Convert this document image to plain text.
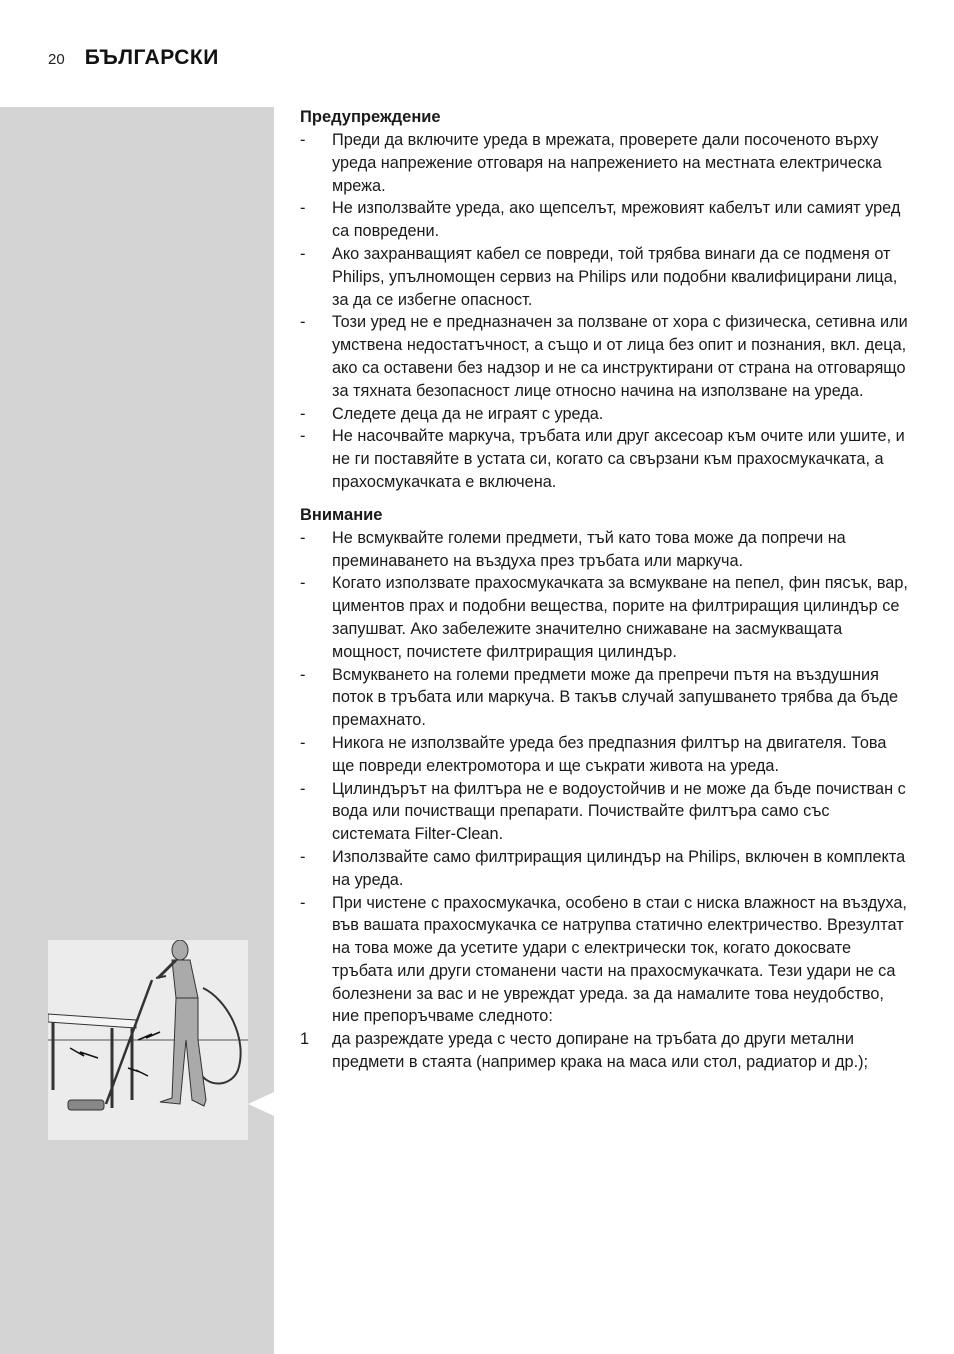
20 БЪЛГАРСКИ
Предупреждение
- Преди да включите уреда в мрежата, проверете дали посоченото върху уреда напрежение отговаря на напрежението на местната електрическа мрежа.
- Не използвайте уреда, ако щепселът, мрежовият кабелът или самият уред са повредени.
- Ако захранващият кабел се повреди, той трябва винаги да се подменя от Philips, упълномощен сервиз на Philips или подобни квалифицирани лица, за да се избегне опасност.
- Този уред не е предназначен за ползване от хора с физическа, сетивна или умствена недостатъчност, а също и от лица без опит и познания, вкл. деца, ако са оставени без надзор и не са инструктирани от страна на отговарящо за тяхната безопасност лице относно начина на използване на уреда.
- Следете деца да не играят с уреда.
- Не насочвайте маркуча, тръбата или друг аксесоар към очите или ушите, и не ги поставяйте в устата си, когато са свързани към прахосмукачката, а прахосмукачката е включена.
Внимание
- Не всмуквайте големи предмети, тъй като това може да попречи на преминаването на въздуха през тръбата или маркуча.
- Когато използвате прахосмукачката за всмукване на пепел, фин пясък, вар, циментов прах и подобни вещества, порите на филтриращия цилиндър се запушват. Ако забележите значително снижаване на засмукващата мощност, почистете филтриращия цилиндър.
- Всмукването на големи предмети може да препречи пътя на въздушния поток в тръбата или маркуча. В такъв случай запушването трябва да бъде премахнато.
- Никога не използвайте уреда без предпазния филтър на двигателя. Това ще повреди електромотора и ще съкрати живота на уреда.
- Цилиндърът на филтъра не е водоустойчив и не може да бъде почистван с вода или почистващи препарати. Почиствайте филтъра само със системата Filter-Clean.
- Използвайте само филтриращия цилиндър на Philips, включен в комплекта на уреда.
- При чистене с прахосмукачка, особено в стаи с ниска влажност на въздуха, във вашата прахосмукачка се натрупва статично електричество. Bрезултат на това може да усетите удари с електрически ток, когато докосвате тръбата или други стоманени части на прахосмукачката. Тези удари не са болезнени за вас и не увреждат уреда. за да намалите това неудобство, ние препоръчваме следното:
1 да разреждате уреда с често допиране на тръбата до други метални предмети в стаята (например крака на маса или стол, радиатор и др.);
